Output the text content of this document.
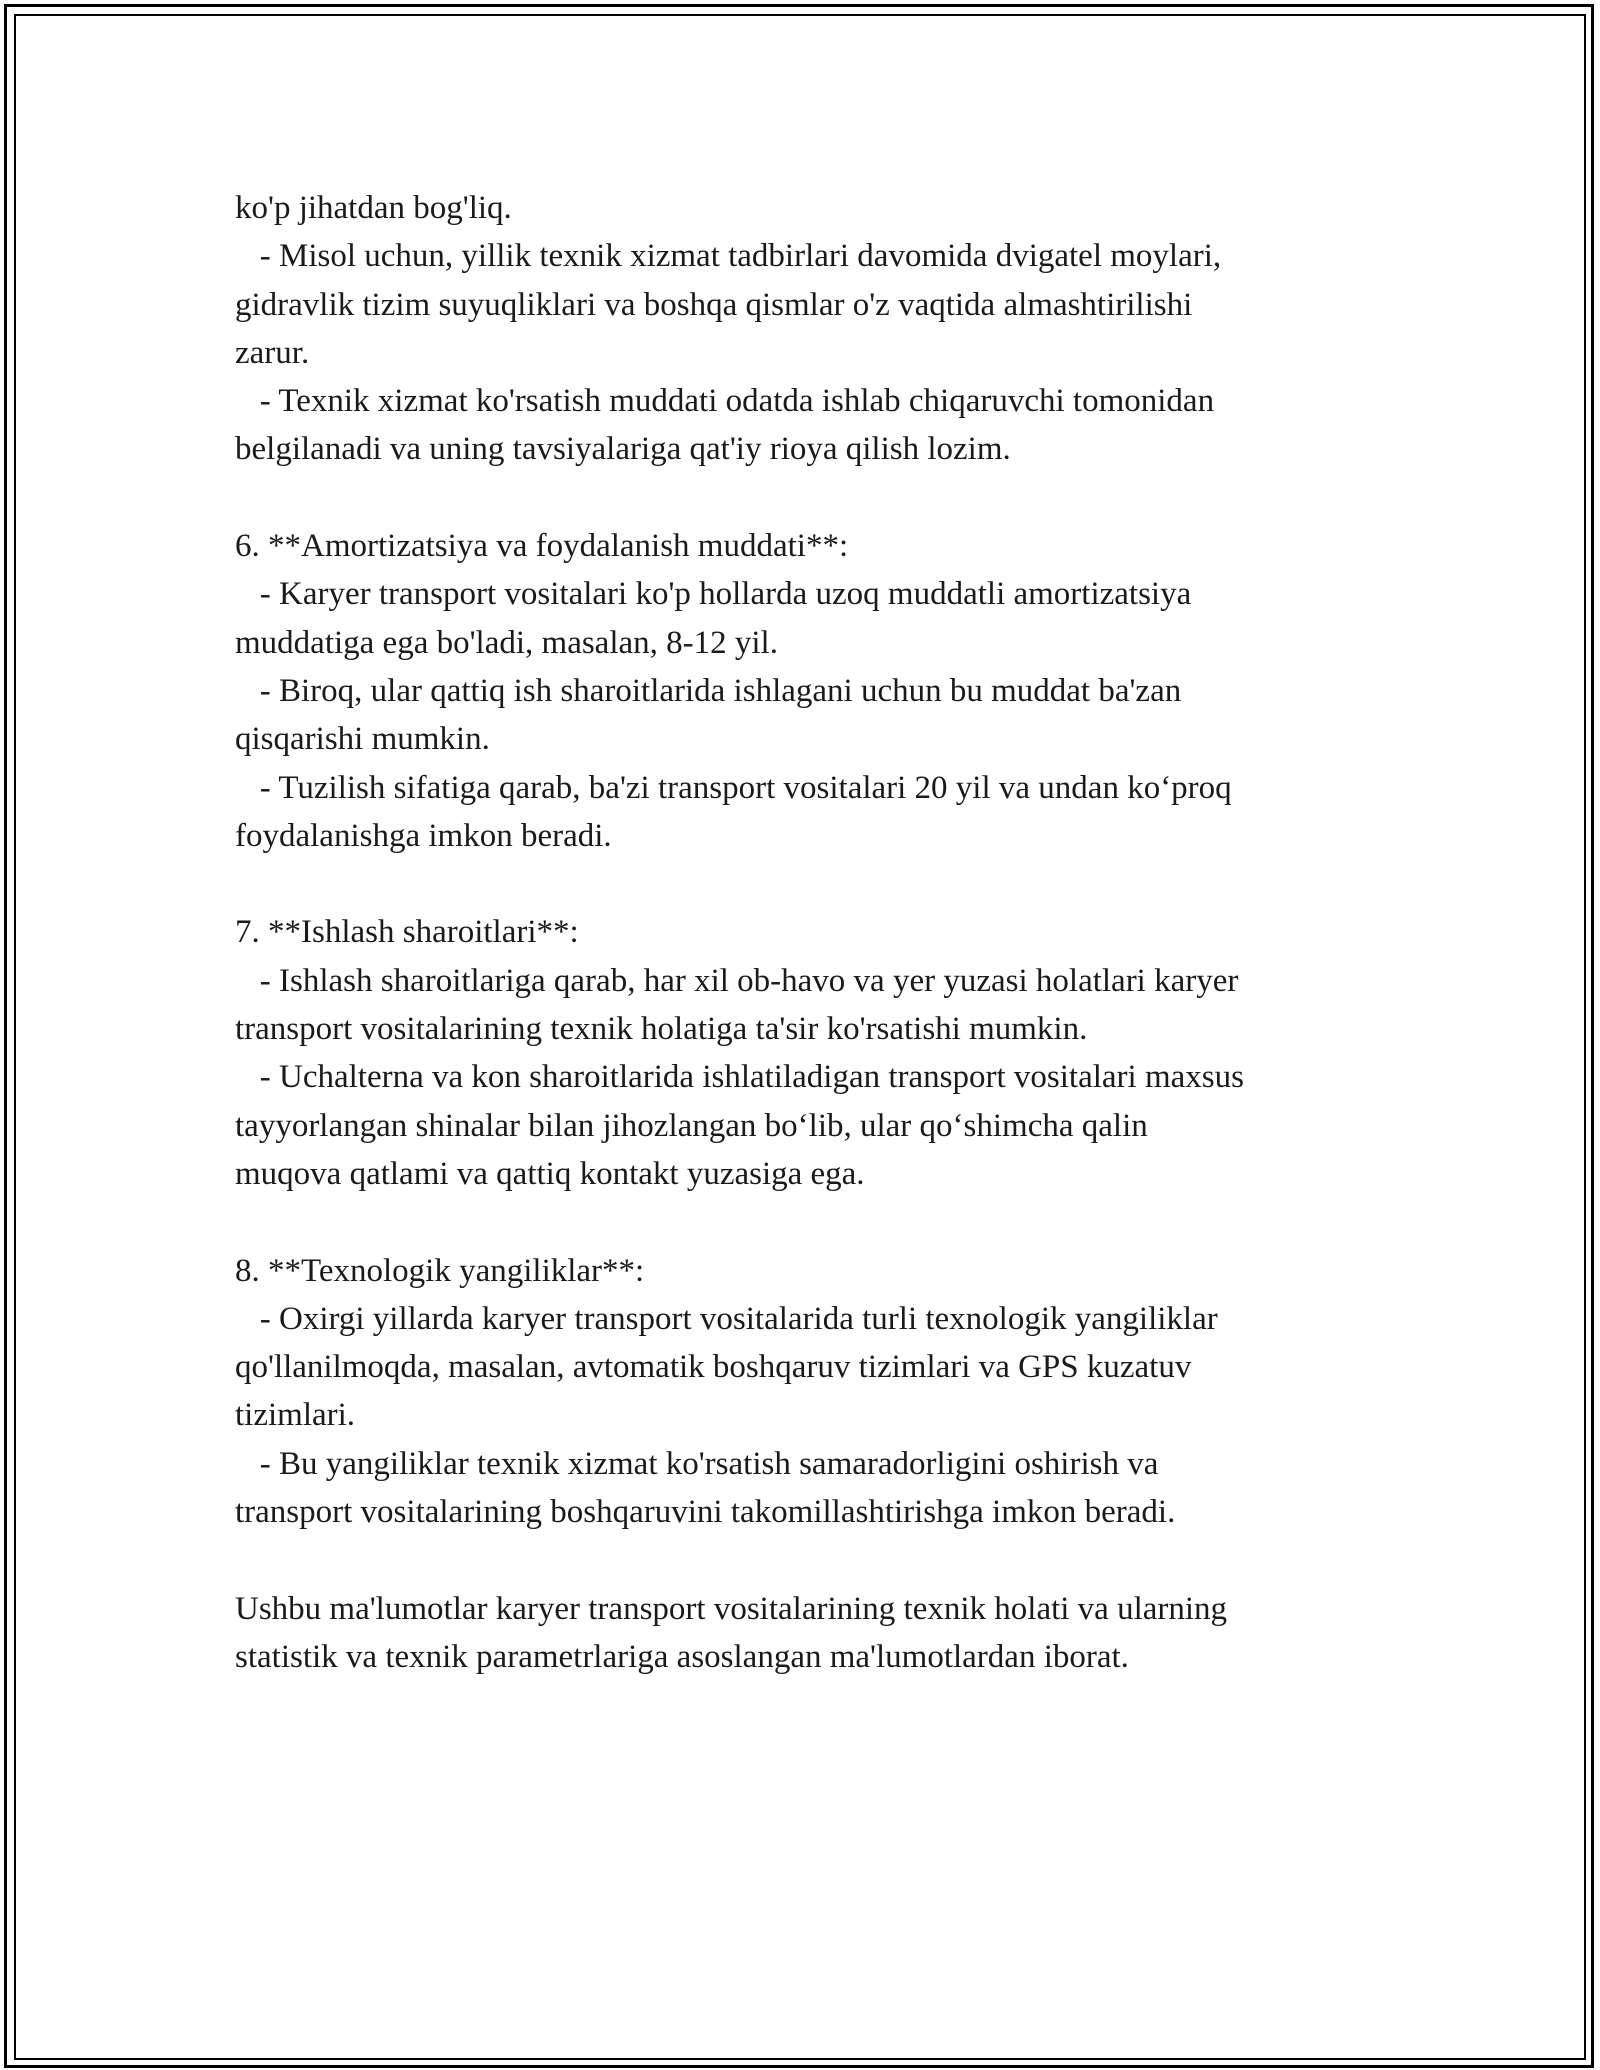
ko'p jihatdan bog'liq.
- Misol uchun, yillik texnik xizmat tadbirlari davomida dvigatel moylari,
gidravlik tizim suyuqliklari va boshqa qismlar o'z vaqtida almashtirilishi
zarur.
- Texnik xizmat ko'rsatish muddati odatda ishlab chiqaruvchi tomonidan
belgilanadi va uning tavsiyalariga qat'iy rioya qilish lozim.
6. **Amortizatsiya va foydalanish muddati**:
- Karyer transport vositalari ko'p hollarda uzoq muddatli amortizatsiya
muddatiga ega bo'ladi, masalan, 8-12 yil.
- Biroq, ular qattiq ish sharoitlarida ishlagani uchun bu muddat ba'zan
qisqarishi mumkin.
- Tuzilish sifatiga qarab, ba'zi transport vositalari 20 yil va undan koʻproq
foydalanishga imkon beradi.
7. **Ishlash sharoitlari**:
- Ishlash sharoitlariga qarab, har xil ob-havo va yer yuzasi holatlari karyer
transport vositalarining texnik holatiga ta'sir ko'rsatishi mumkin.
- Uchalterna va kon sharoitlarida ishlatiladigan transport vositalari maxsus
tayyorlangan shinalar bilan jihozlangan boʻlib, ular qoʻshimcha qalin
muqova qatlami va qattiq kontakt yuzasiga ega.
8. **Texnologik yangiliklar**:
- Oxirgi yillarda karyer transport vositalarida turli texnologik yangiliklar
qo'llanilmoqda, masalan, avtomatik boshqaruv tizimlari va GPS kuzatuv
tizimlari.
- Bu yangiliklar texnik xizmat ko'rsatish samaradorligini oshirish va
transport vositalarining boshqaruvini takomillashtirishga imkon beradi.
Ushbu ma'lumotlar karyer transport vositalarining texnik holati va ularning
statistik va texnik parametrlariga asoslangan ma'lumotlardan iborat.
